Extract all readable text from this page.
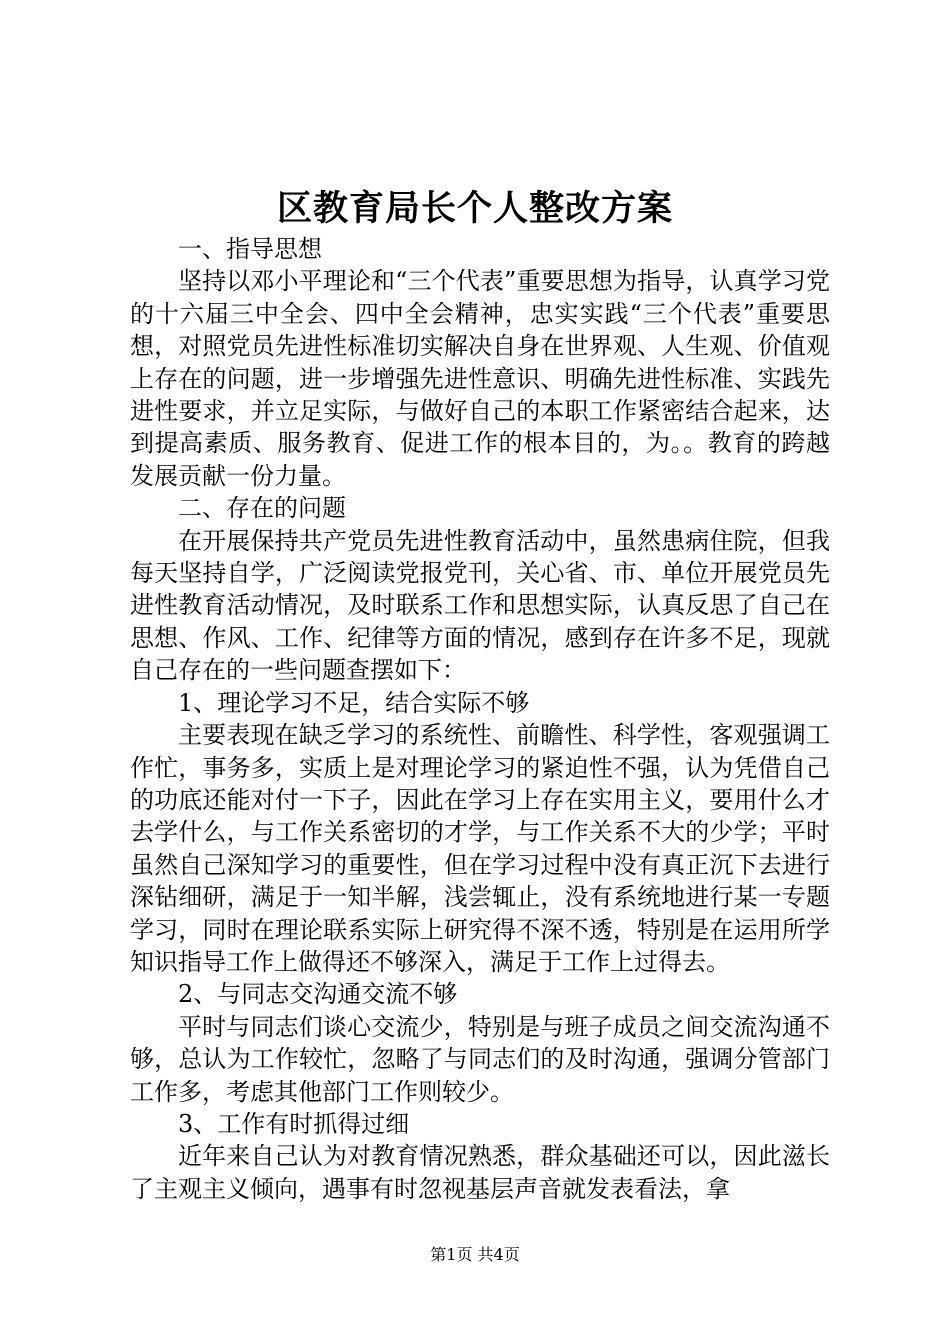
区教育局长个人整改方案

一、指导思想

坚持以邓小平理论和“三个代表”重要思想为指导，认真学习党的十六届三中全会、四中全会精神，忠实实践“三个代表”重要思想，对照党员先进性标准切实解决自身在世界观、人生观、价值观上存在的问题，进一步增强先进性意识、明确先进性标准、实践先进性要求，并立足实际，与做好自己的本职工作紧密结合起来，达到提高素质、服务教育、促进工作的根本目的，为。。教育的跨越发展贡献一份力量。

二、存在的问题

在开展保持共产党员先进性教育活动中，虽然患病住院，但我每天坚持自学，广泛阅读党报党刊，关心省、市、单位开展党员先进性教育活动情况，及时联系工作和思想实际，认真反思了自己在思想、作风、工作、纪律等方面的情况，感到存在许多不足，现就自己存在的一些问题查摆如下：

1、理论学习不足，结合实际不够

主要表现在缺乏学习的系统性、前瞻性、科学性，客观强调工作忙，事务多，实质上是对理论学习的紧迫性不强，认为凭借自己的功底还能对付一下子，因此在学习上存在实用主义，要用什么才去学什么，与工作关系密切的才学，与工作关系不大的少学；平时虽然自己深知学习的重要性，但在学习过程中没有真正沉下去进行深钻细研，满足于一知半解，浅尝辄止，没有系统地进行某一专题学习，同时在理论联系实际上研究得不深不透，特别是在运用所学知识指导工作上做得还不够深入，满足于工作上过得去。

2、与同志交沟通交流不够

平时与同志们谈心交流少，特别是与班子成员之间交流沟通不够，总认为工作较忙，忽略了与同志们的及时沟通，强调分管部门工作多，考虑其他部门工作则较少。

3、工作有时抓得过细

近年来自己认为对教育情况熟悉，群众基础还可以，因此滋长了主观主义倾向，遇事有时忽视基层声音就发表看法，拿

第1页 共4页
